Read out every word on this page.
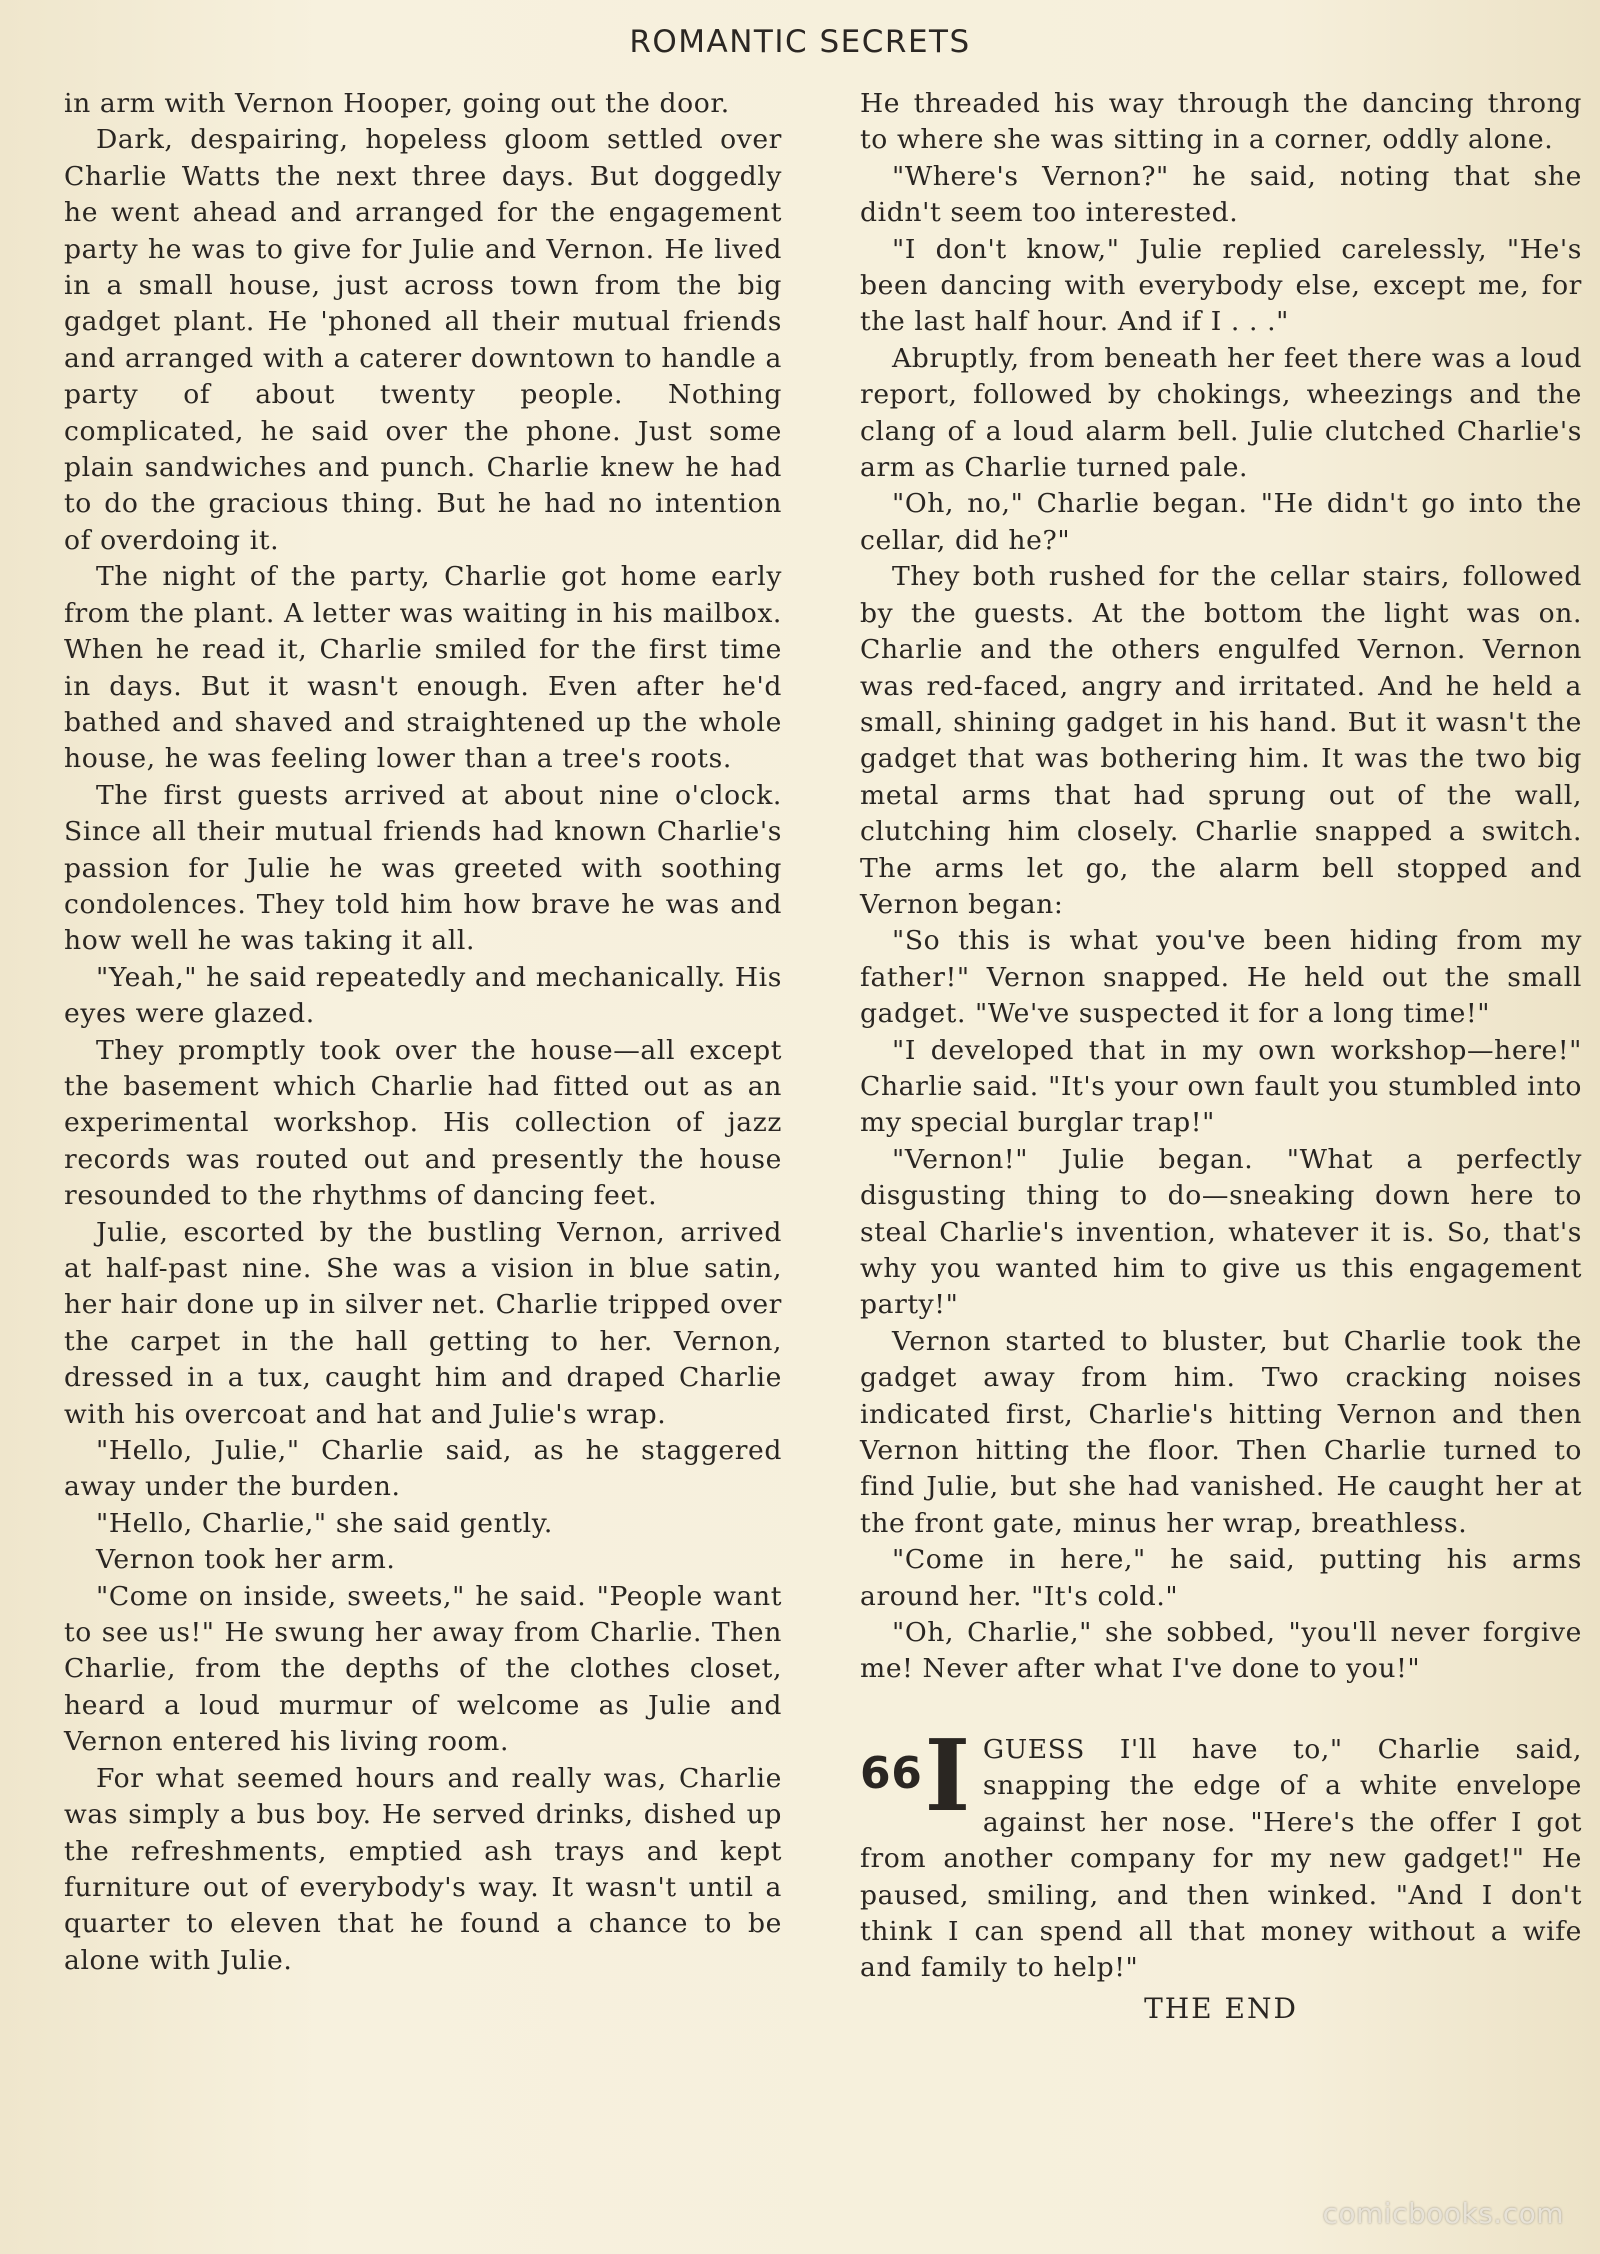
ROMANTIC SECRETS

in arm with Vernon Hooper, going out the door.

Dark, despairing, hopeless gloom settled over Charlie Watts the next three days. But doggedly he went ahead and arranged for the engagement party he was to give for Julie and Vernon. He lived in a small house, just across town from the big gadget plant. He 'phoned all their mutual friends and arranged with a caterer downtown to handle a party of about twenty people. Nothing complicated, he said over the phone. Just some plain sandwiches and punch. Charlie knew he had to do the gracious thing. But he had no intention of overdoing it.

The night of the party, Charlie got home early from the plant. A letter was waiting in his mailbox. When he read it, Charlie smiled for the first time in days. But it wasn't enough. Even after he'd bathed and shaved and straightened up the whole house, he was feeling lower than a tree's roots.

The first guests arrived at about nine o'clock. Since all their mutual friends had known Charlie's passion for Julie he was greeted with soothing condolences. They told him how brave he was and how well he was taking it all.

"Yeah," he said repeatedly and mechanically. His eyes were glazed.

They promptly took over the house—all except the basement which Charlie had fitted out as an experimental workshop. His collection of jazz records was routed out and presently the house resounded to the rhythms of dancing feet.

Julie, escorted by the bustling Vernon, arrived at half-past nine. She was a vision in blue satin, her hair done up in silver net. Charlie tripped over the carpet in the hall getting to her. Vernon, dressed in a tux, caught him and draped Charlie with his overcoat and hat and Julie's wrap.

"Hello, Julie," Charlie said, as he staggered away under the burden.

"Hello, Charlie," she said gently.

Vernon took her arm.

"Come on inside, sweets," he said. "People want to see us!" He swung her away from Charlie. Then Charlie, from the depths of the clothes closet, heard a loud murmur of welcome as Julie and Vernon entered his living room.

For what seemed hours and really was, Charlie was simply a bus boy. He served drinks, dished up the refreshments, emptied ash trays and kept furniture out of everybody's way. It wasn't until a quarter to eleven that he found a chance to be alone with Julie.

He threaded his way through the dancing throng to where she was sitting in a corner, oddly alone.

"Where's Vernon?" he said, noting that she didn't seem too interested.

"I don't know," Julie replied carelessly, "He's been dancing with everybody else, except me, for the last half hour. And if I . . ."

Abruptly, from beneath her feet there was a loud report, followed by chokings, wheezings and the clang of a loud alarm bell. Julie clutched Charlie's arm as Charlie turned pale.

"Oh, no," Charlie began. "He didn't go into the cellar, did he?"

They both rushed for the cellar stairs, followed by the guests. At the bottom the light was on. Charlie and the others engulfed Vernon. Vernon was red-faced, angry and irritated. And he held a small, shining gadget in his hand. But it wasn't the gadget that was bothering him. It was the two big metal arms that had sprung out of the wall, clutching him closely. Charlie snapped a switch. The arms let go, the alarm bell stopped and Vernon began:

"So this is what you've been hiding from my father!" Vernon snapped. He held out the small gadget. "We've suspected it for a long time!"

"I developed that in my own workshop—here!" Charlie said. "It's your own fault you stumbled into my special burglar trap!"

"Vernon!" Julie began. "What a perfectly disgusting thing to do—sneaking down here to steal Charlie's invention, whatever it is. So, that's why you wanted him to give us this engagement party!"

Vernon started to bluster, but Charlie took the gadget away from him. Two cracking noises indicated first, Charlie's hitting Vernon and then Vernon hitting the floor. Then Charlie turned to find Julie, but she had vanished. He caught her at the front gate, minus her wrap, breathless.

"Come in here," he said, putting his arms around her. "It's cold."

"Oh, Charlie," she sobbed, "you'll never forgive me! Never after what I've done to you!"

66 I GUESS I'll have to," Charlie said, snapping the edge of a white envelope against her nose. "Here's the offer I got from another company for my new gadget!" He paused, smiling, and then winked. "And I don't think I can spend all that money without a wife and family to help!"

THE END
comicbooks.com
